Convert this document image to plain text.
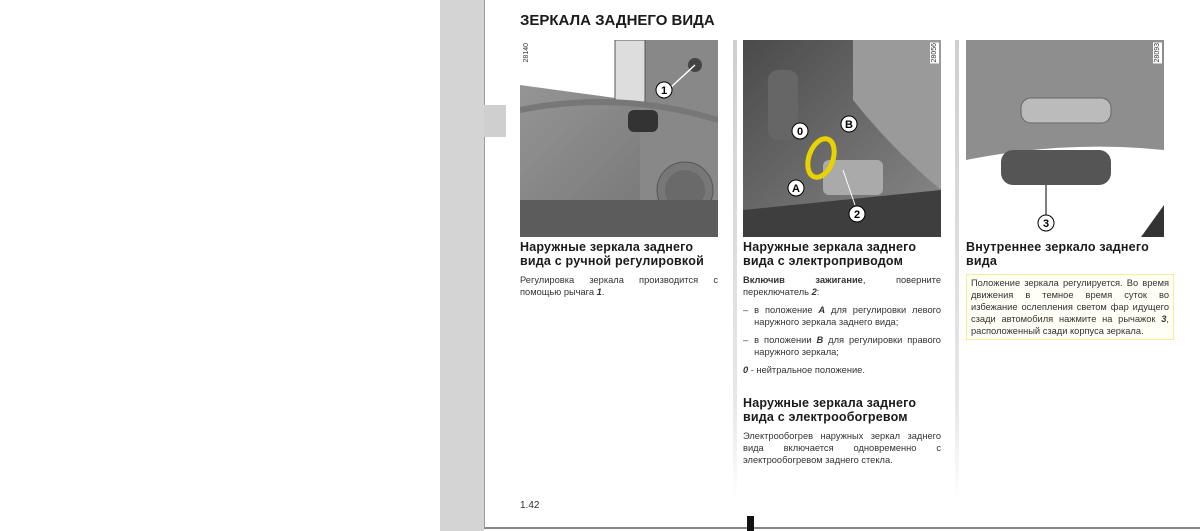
ЗЕРКАЛА ЗАДНЕГО ВИДА
1
28140
0
B
A
2
28056
3
28093
Наружные зеркала заднего вида с ручной регулировкой

Регулировка зеркала производится с помощью рычага 1.

Наружные зеркала заднего вида с электроприводом

Включив зажигание, поверните переключатель 2:

– в положение A для регулировки левого наружного зеркала заднего вида;

– в положении B для регулировки правого наружного зеркала;

0 - нейтральное положение.

Наружные зеркала заднего вида с электрообогревом

Электрообогрев наружных зеркал заднего вида включается одновременно с электрообогревом заднего стекла.

Внутреннее зеркало заднего вида

Положение зеркала регулируется. Во время движения в темное время суток во избежание ослепления светом фар идущего сзади автомобиля нажмите на рычажок 3, расположенный сзади корпуса зеркала.

1.42
